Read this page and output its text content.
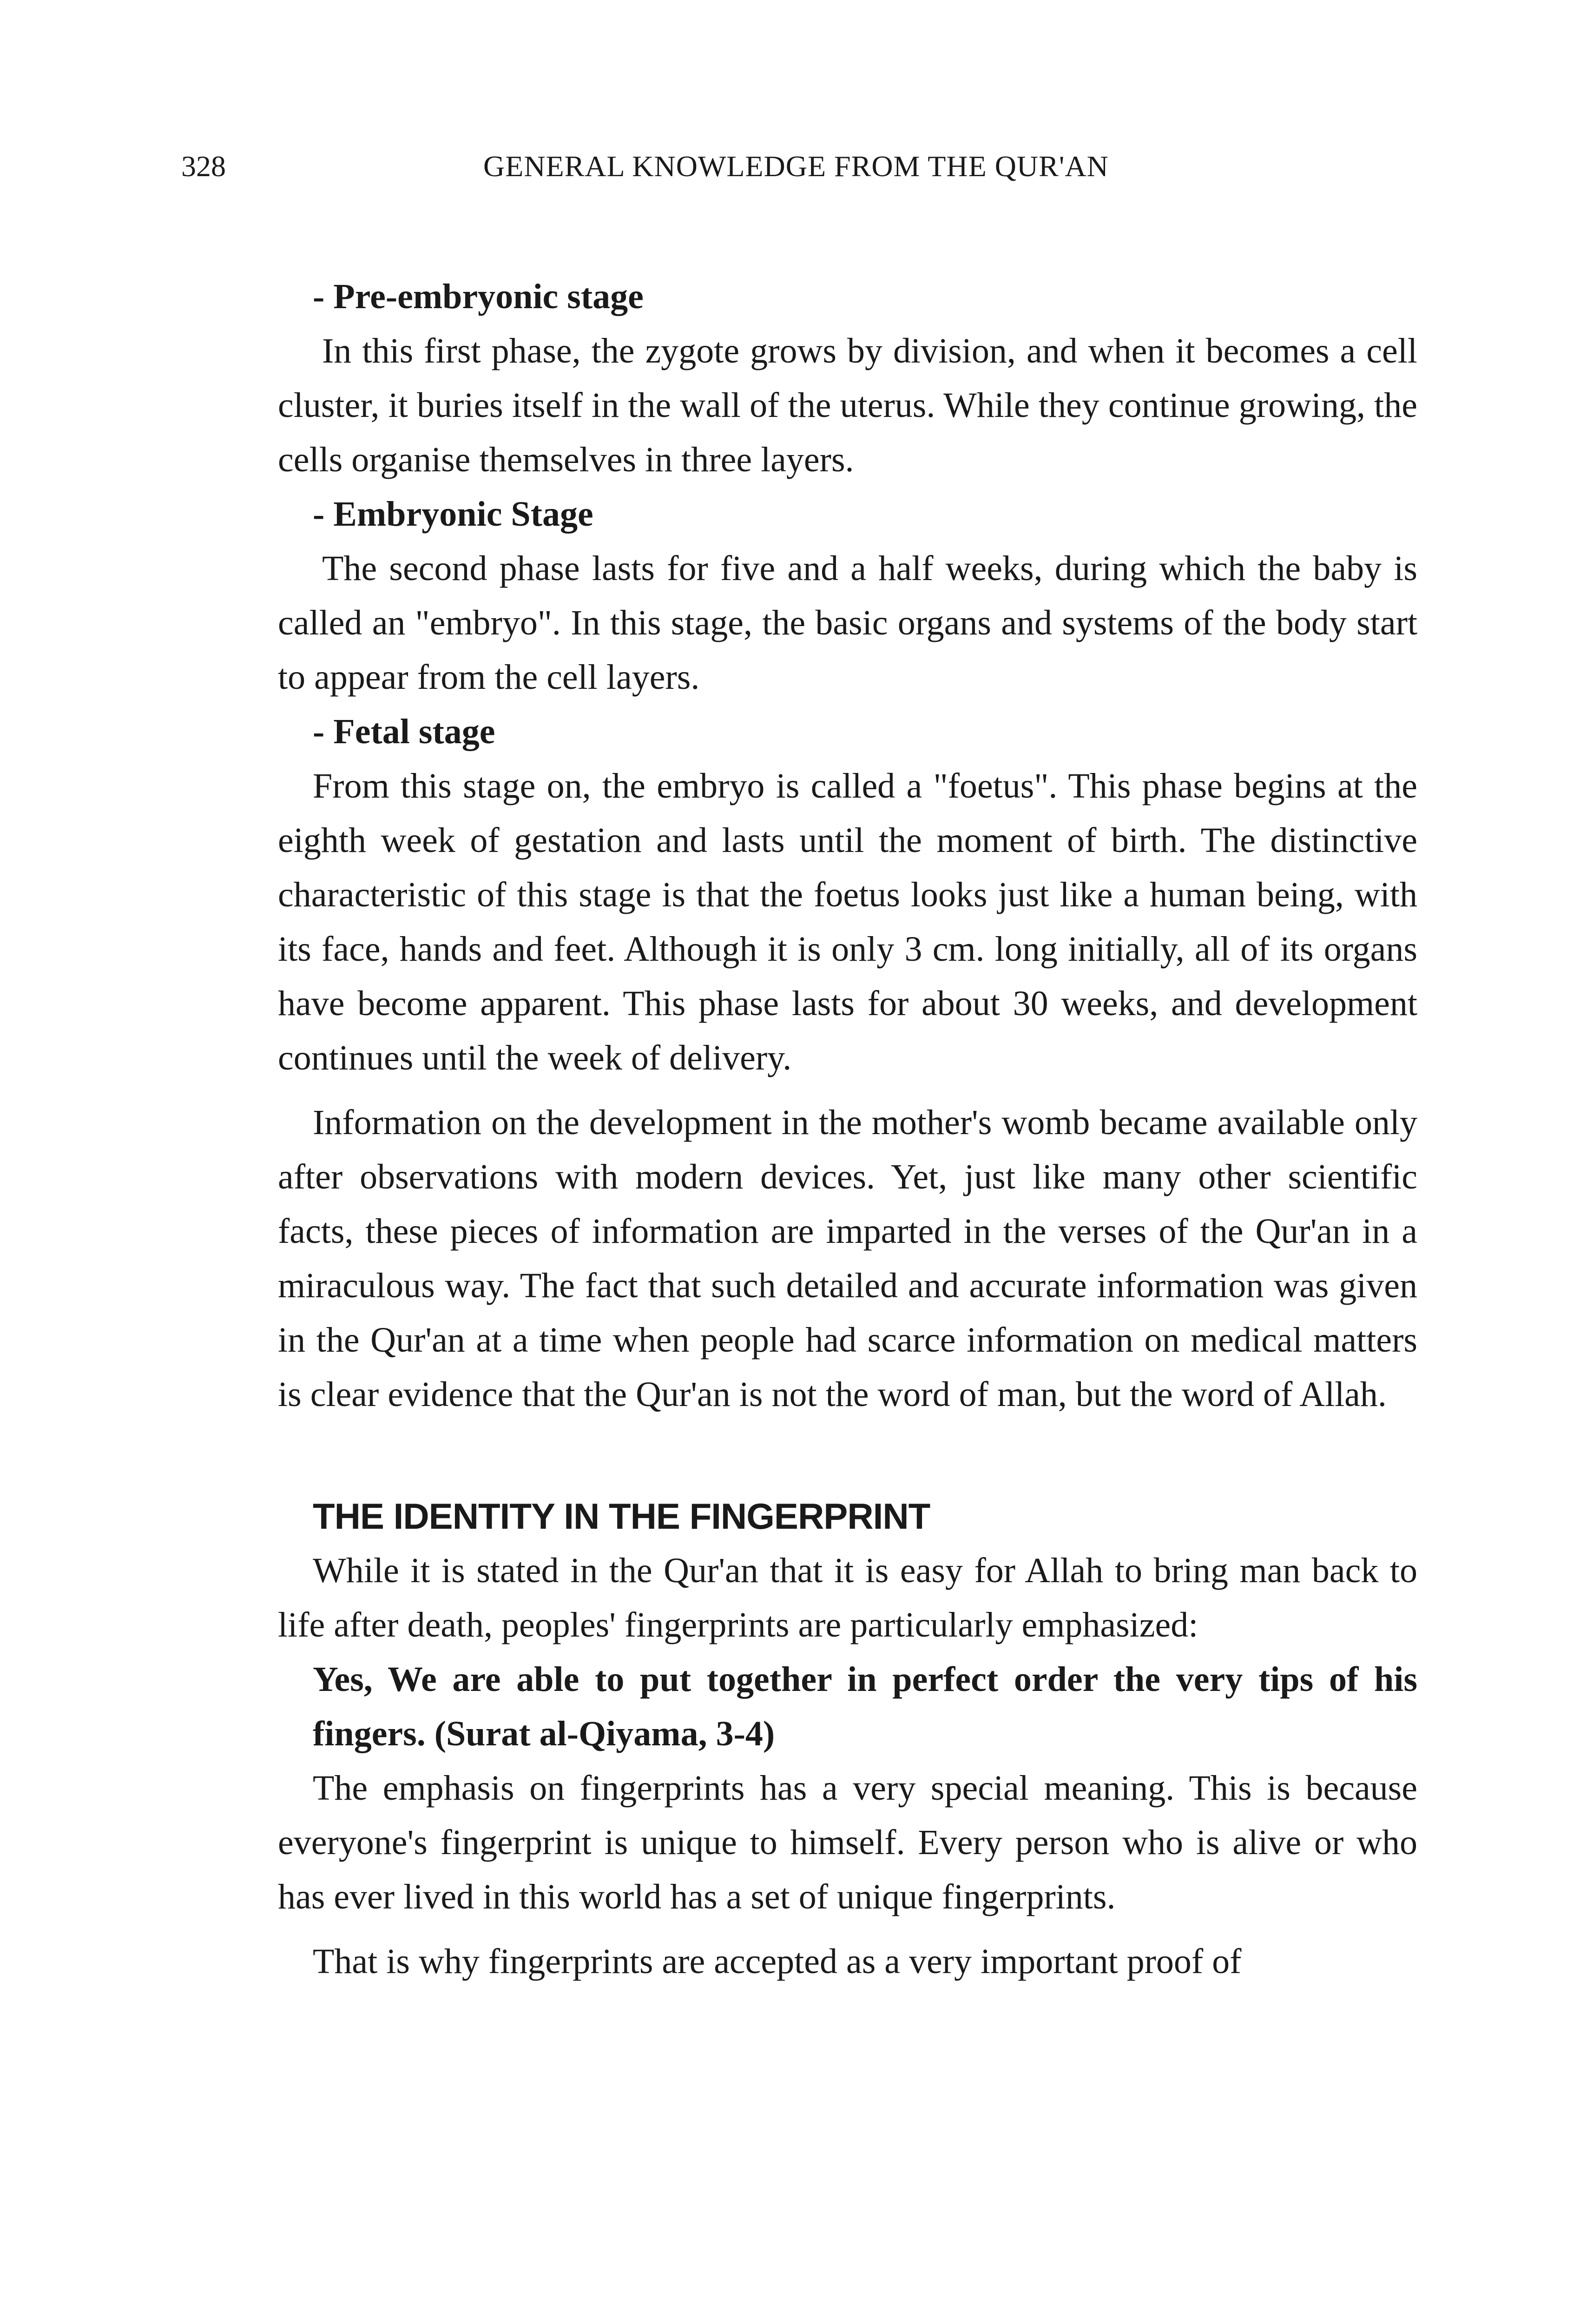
328	GENERAL KNOWLEDGE FROM THE QUR'AN

- Pre-embryonic stage

In this first phase, the zygote grows by division, and when it becomes a cell cluster, it buries itself in the wall of the uterus. While they continue growing, the cells organise themselves in three layers.

- Embryonic Stage

The second phase lasts for five and a half weeks, during which the baby is called an "embryo". In this stage, the basic organs and systems of the body start to appear from the cell layers.

- Fetal stage

From this stage on, the embryo is called a "foetus". This phase begins at the eighth week of gestation and lasts until the moment of birth. The distinctive characteristic of this stage is that the foetus looks just like a human being, with its face, hands and feet. Although it is only 3 cm. long initially, all of its organs have become apparent. This phase lasts for about 30 weeks, and development continues until the week of delivery.

Information on the development in the mother's womb became available only after observations with modern devices. Yet, just like many other scientific facts, these pieces of information are imparted in the verses of the Qur'an in a miraculous way. The fact that such detailed and accurate information was given in the Qur'an at a time when people had scarce information on medical matters is clear evidence that the Qur'an is not the word of man, but the word of Allah.

THE IDENTITY IN THE FINGERPRINT

While it is stated in the Qur'an that it is easy for Allah to bring man back to life after death, peoples' fingerprints are particularly emphasized:

Yes, We are able to put together in perfect order the very tips of his fingers. (Surat al-Qiyama, 3-4)

The emphasis on fingerprints has a very special meaning. This is because everyone's fingerprint is unique to himself. Every person who is alive or who has ever lived in this world has a set of unique fingerprints.

That is why fingerprints are accepted as a very important proof of
